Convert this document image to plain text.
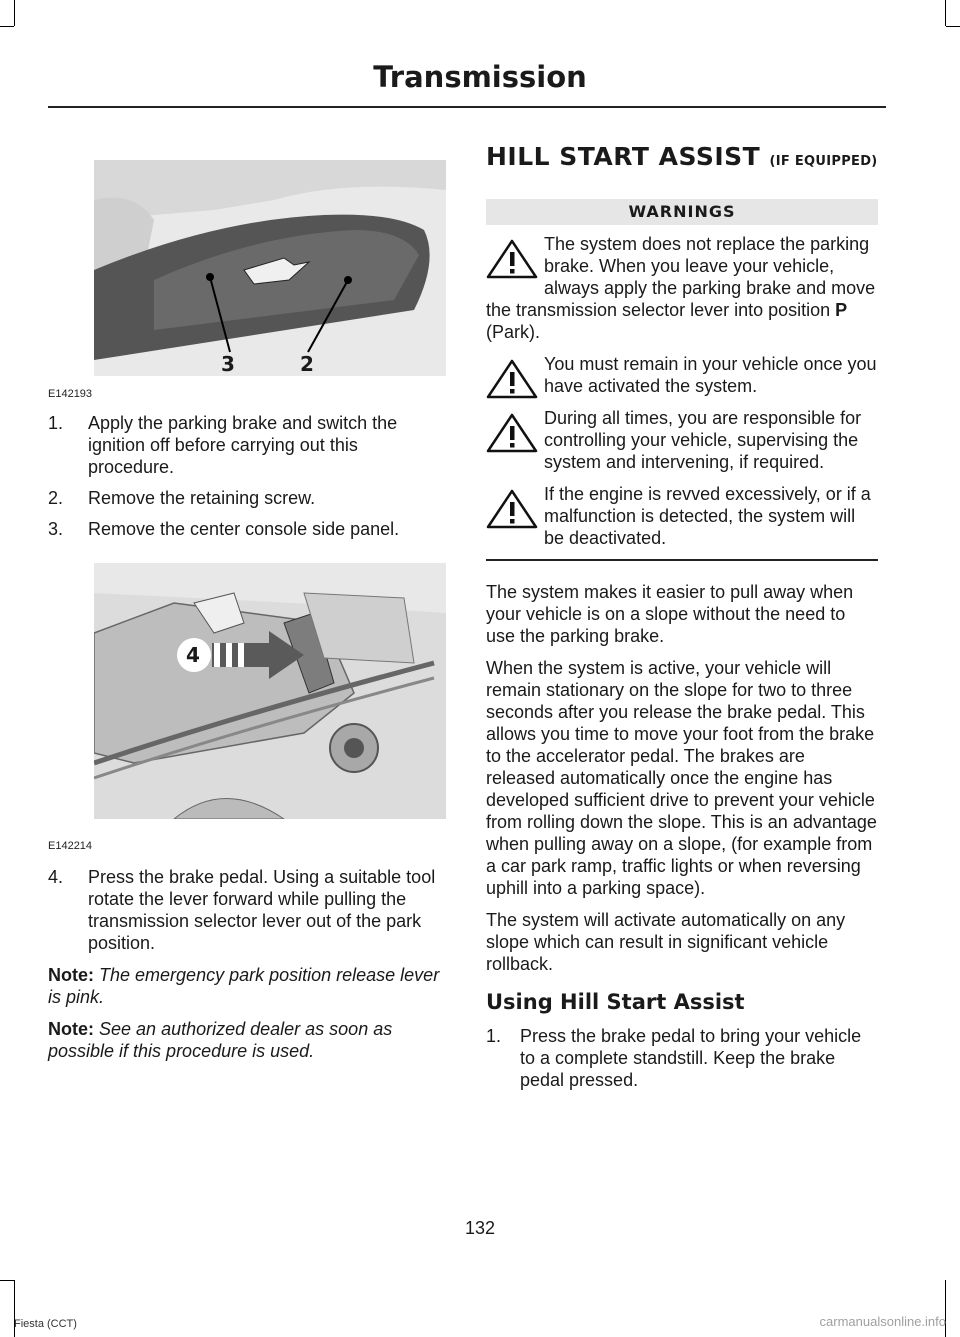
Transmission
3	2
E142193
1. Apply the parking brake and switch the ignition off before carrying out this procedure.
2. Remove the retaining screw.
3. Remove the center console side panel.
4
E142214
4. Press the brake pedal. Using a suitable tool rotate the lever forward while pulling the transmission selector lever out of the park position.

Note: The emergency park position release lever is pink.

Note: See an authorized dealer as soon as possible if this procedure is used.

HILL START ASSIST (IF EQUIPPED)
WARNINGS

The system does not replace the parking brake. When you leave your vehicle, always apply the parking brake and move the transmission selector lever into position P (Park).

You must remain in your vehicle once you have activated the system.

During all times, you are responsible for controlling your vehicle, supervising the system and intervening, if required.

If the engine is revved excessively, or if a malfunction is detected, the system will be deactivated.

The system makes it easier to pull away when your vehicle is on a slope without the need to use the parking brake.

When the system is active, your vehicle will remain stationary on the slope for two to three seconds after you release the brake pedal. This allows you time to move your foot from the brake to the accelerator pedal. The brakes are released automatically once the engine has developed sufficient drive to prevent your vehicle from rolling down the slope. This is an advantage when pulling away on a slope, (for example from a car park ramp, traffic lights or when reversing uphill into a parking space).

The system will activate automatically on any slope which can result in significant vehicle rollback.

Using Hill Start Assist
1. Press the brake pedal to bring your vehicle to a complete standstill. Keep the brake pedal pressed.
132
Fiesta (CCT)	carmanualsonline.info
